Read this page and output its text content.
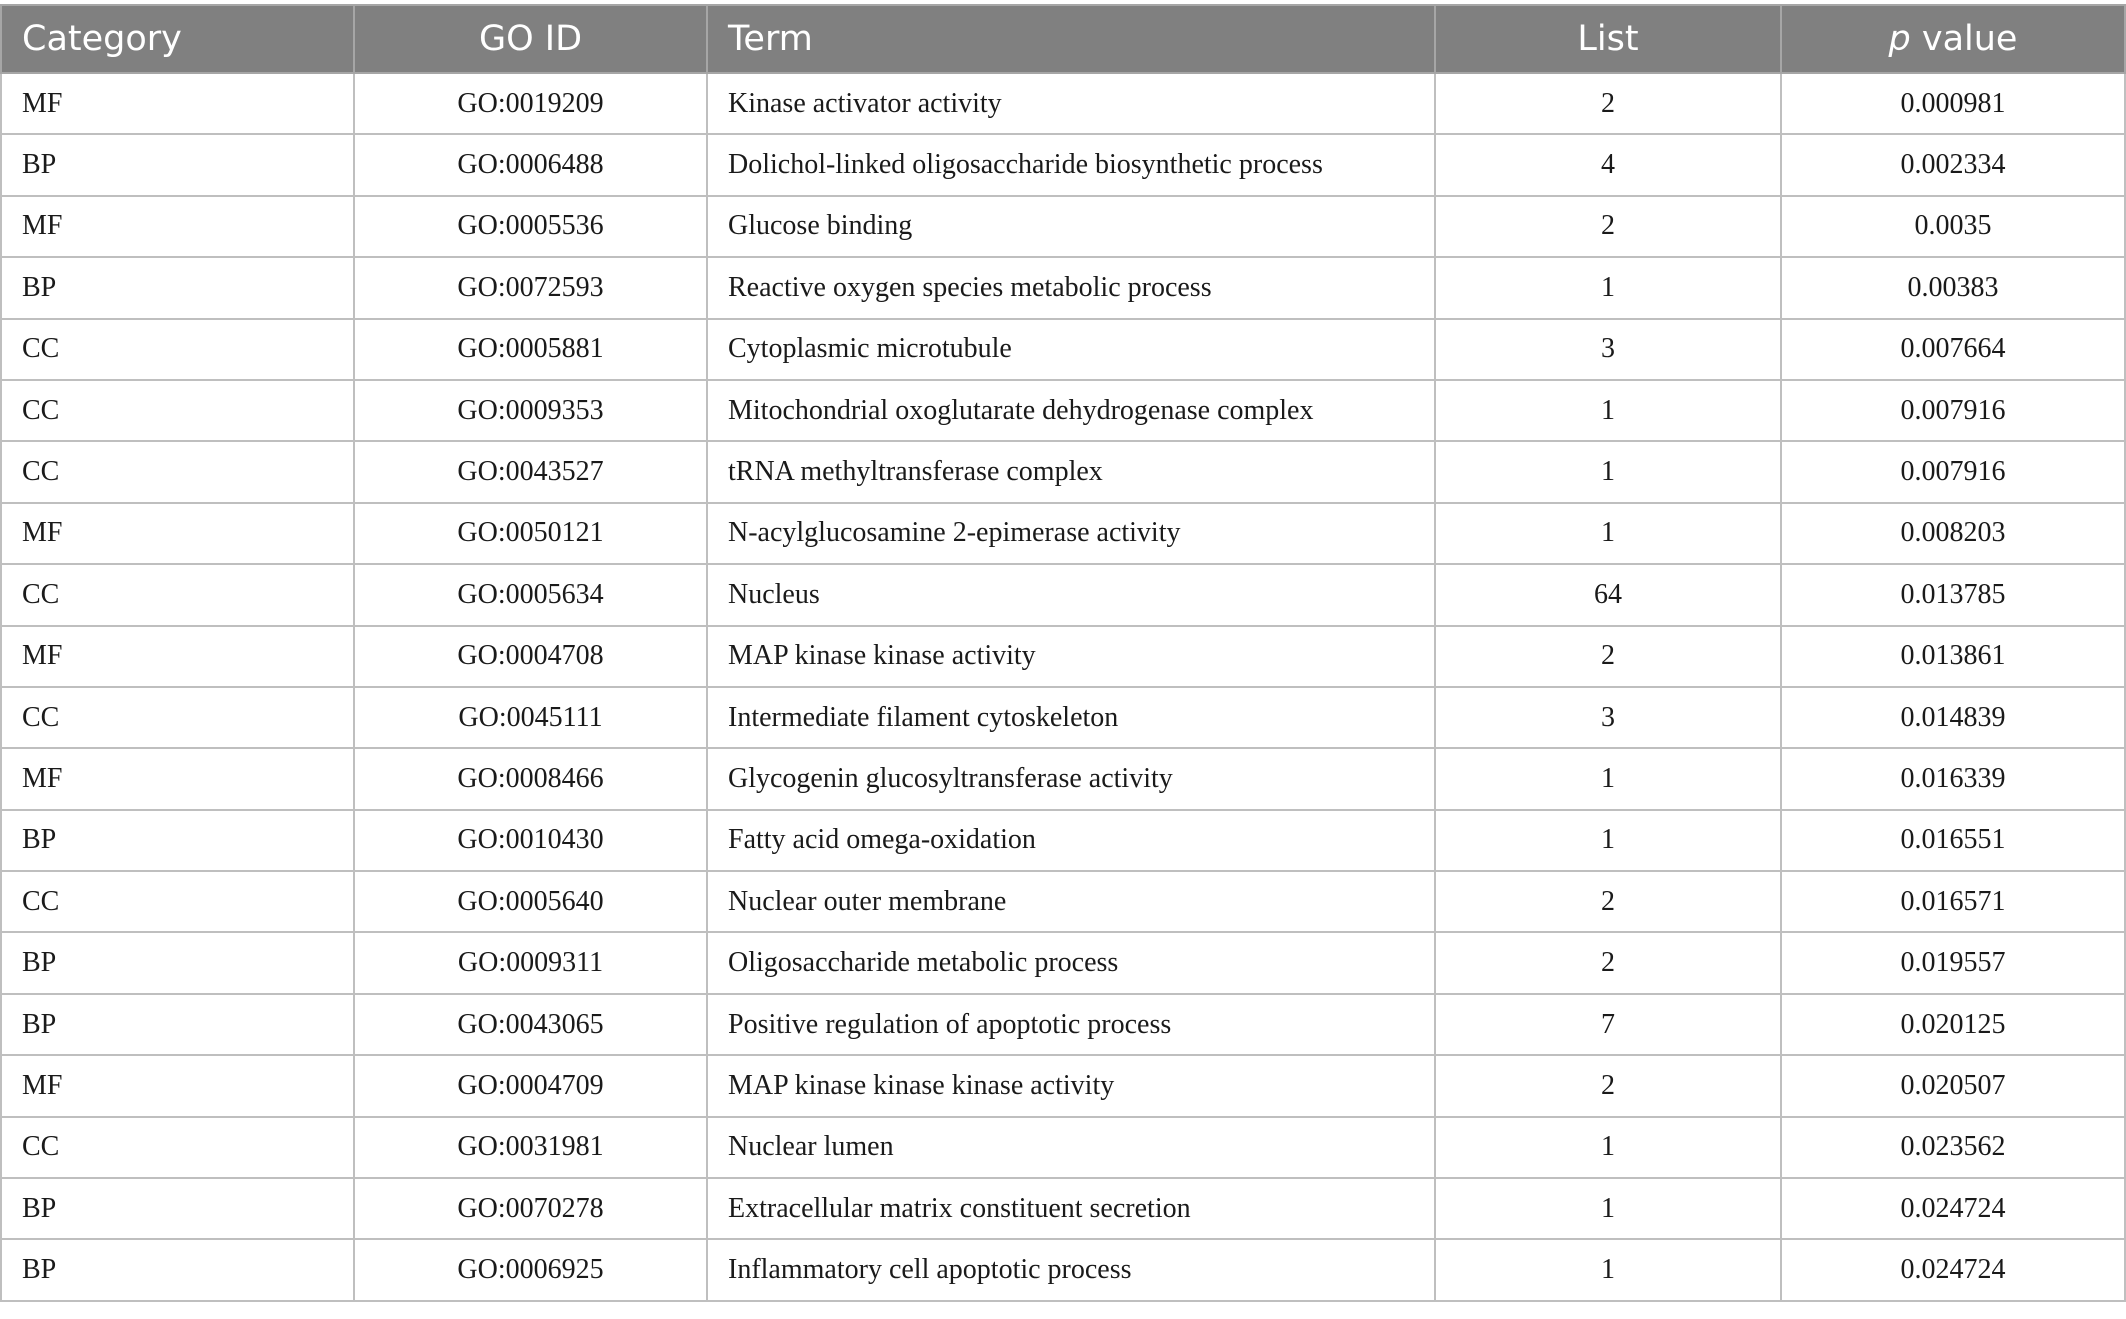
Category	GO ID	Term	List	p value
MF	GO:0019209	Kinase activator activity	2	0.000981
BP	GO:0006488	Dolichol-linked oligosaccharide biosynthetic process	4	0.002334
MF	GO:0005536	Glucose binding	2	0.0035
BP	GO:0072593	Reactive oxygen species metabolic process	1	0.00383
CC	GO:0005881	Cytoplasmic microtubule	3	0.007664
CC	GO:0009353	Mitochondrial oxoglutarate dehydrogenase complex	1	0.007916
CC	GO:0043527	tRNA methyltransferase complex	1	0.007916
MF	GO:0050121	N-acylglucosamine 2-epimerase activity	1	0.008203
CC	GO:0005634	Nucleus	64	0.013785
MF	GO:0004708	MAP kinase kinase activity	2	0.013861
CC	GO:0045111	Intermediate filament cytoskeleton	3	0.014839
MF	GO:0008466	Glycogenin glucosyltransferase activity	1	0.016339
BP	GO:0010430	Fatty acid omega-oxidation	1	0.016551
CC	GO:0005640	Nuclear outer membrane	2	0.016571
BP	GO:0009311	Oligosaccharide metabolic process	2	0.019557
BP	GO:0043065	Positive regulation of apoptotic process	7	0.020125
MF	GO:0004709	MAP kinase kinase kinase activity	2	0.020507
CC	GO:0031981	Nuclear lumen	1	0.023562
BP	GO:0070278	Extracellular matrix constituent secretion	1	0.024724
BP	GO:0006925	Inflammatory cell apoptotic process	1	0.024724
